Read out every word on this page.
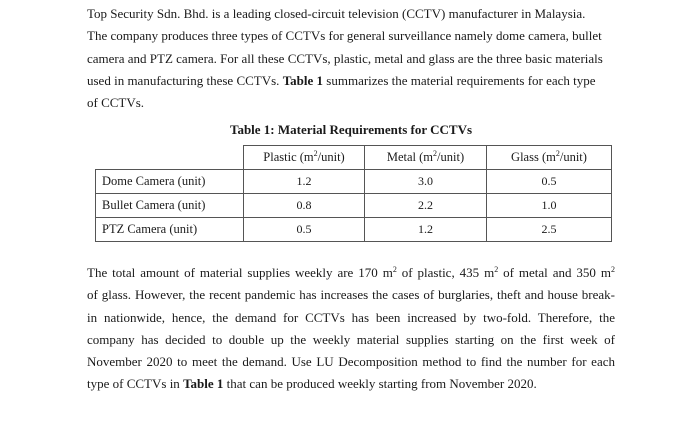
Top Security Sdn. Bhd. is a leading closed-circuit television (CCTV) manufacturer in Malaysia.
The company produces three types of CCTVs for general surveillance namely dome camera, bullet
camera and PTZ camera. For all these CCTVs, plastic, metal and glass are the three basic materials
used in manufacturing these CCTVs. Table 1 summarizes the material requirements for each type
of CCTVs.

Table 1: Material Requirements for CCTVs
	Plastic $(m^2/unit)$	Metal $(m^2/unit)$	Glass $(m^2/unit)$
Dome Camera (unit)	1.2	3.0	0.5
Bullet Camera (unit)	0.8	2.2	1.0
PTZ Camera (unit)	0.5	1.2	2.5

The total amount of material supplies weekly are 170 $m^2$ of plastic, 435 $m^2$ of metal and 350 $m^2$
of glass. However, the recent pandemic has increases the cases of burglaries, theft and house break-
in nationwide, hence, the demand for CCTVs has been increased by two-fold. Therefore, the
company has decided to double up the weekly material supplies starting on the first week of
November 2020 to meet the demand. Use LU Decomposition method to find the number for each
type of CCTVs in Table 1 that can be produced weekly starting from November 2020.
